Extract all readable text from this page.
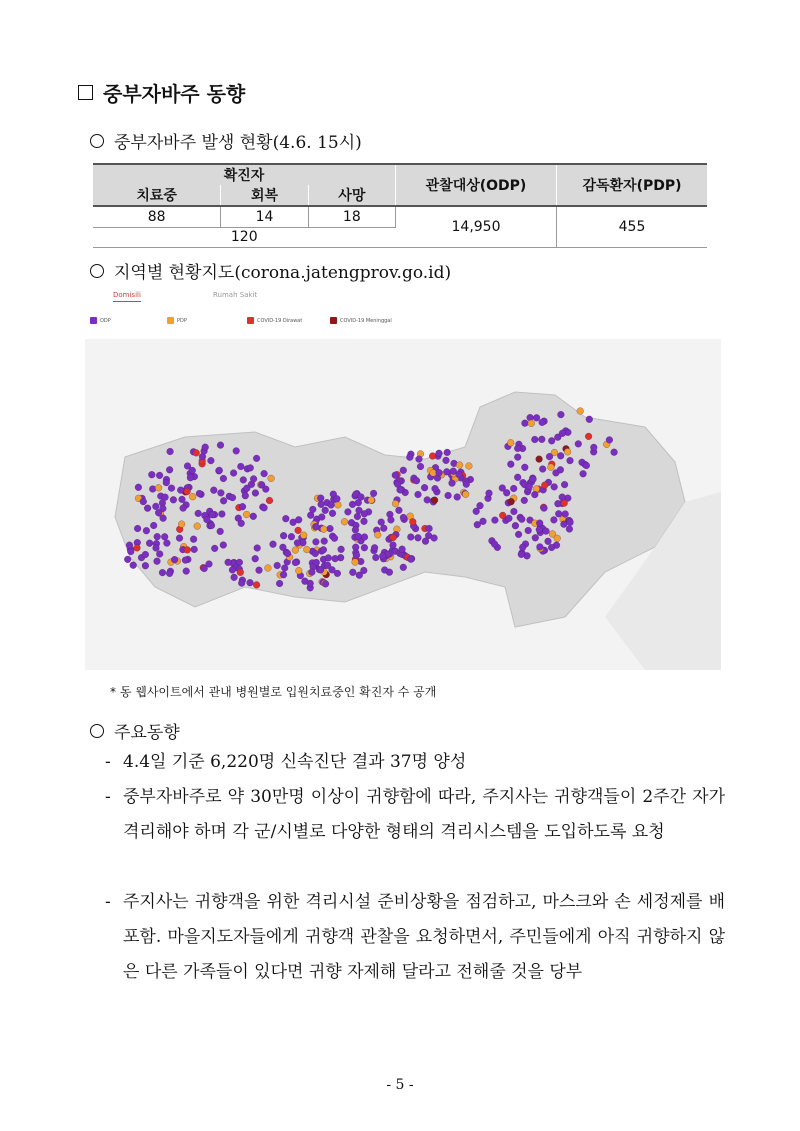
중부자바주 동향
중부자바주 발생 현황(4.6. 15시)
확진자			관찰대상(ODP)	감독환자(PDP)
치료중	회복	사망		
88	14	18	14,950	455
120				
지역별 현황지도(corona.jatengprov.go.id)
Domisili	Rumah Sakit
ODP	PDP	COVID-19 Dirawat	COVID-19 Meninggal
* 동 웹사이트에서 관내 병원별로 입원치료중인 확진자 수 공개
주요동향
- 4.4일 기준 6,220명 신속진단 결과 37명 양성
- 중부자바주로 약 30만명 이상이 귀향함에 따라, 주지사는 귀향객들이 2주간 자가격리해야 하며 각 군/시별로 다양한 형태의 격리시스템을 도입하도록 요청
- 주지사는 귀향객을 위한 격리시설 준비상황을 점검하고, 마스크와 손 세정제를 배포함. 마을지도자들에게 귀향객 관찰을 요청하면서, 주민들에게 아직 귀향하지 않은 다른 가족들이 있다면 귀향 자제해 달라고 전해줄 것을 당부
- 5 -
